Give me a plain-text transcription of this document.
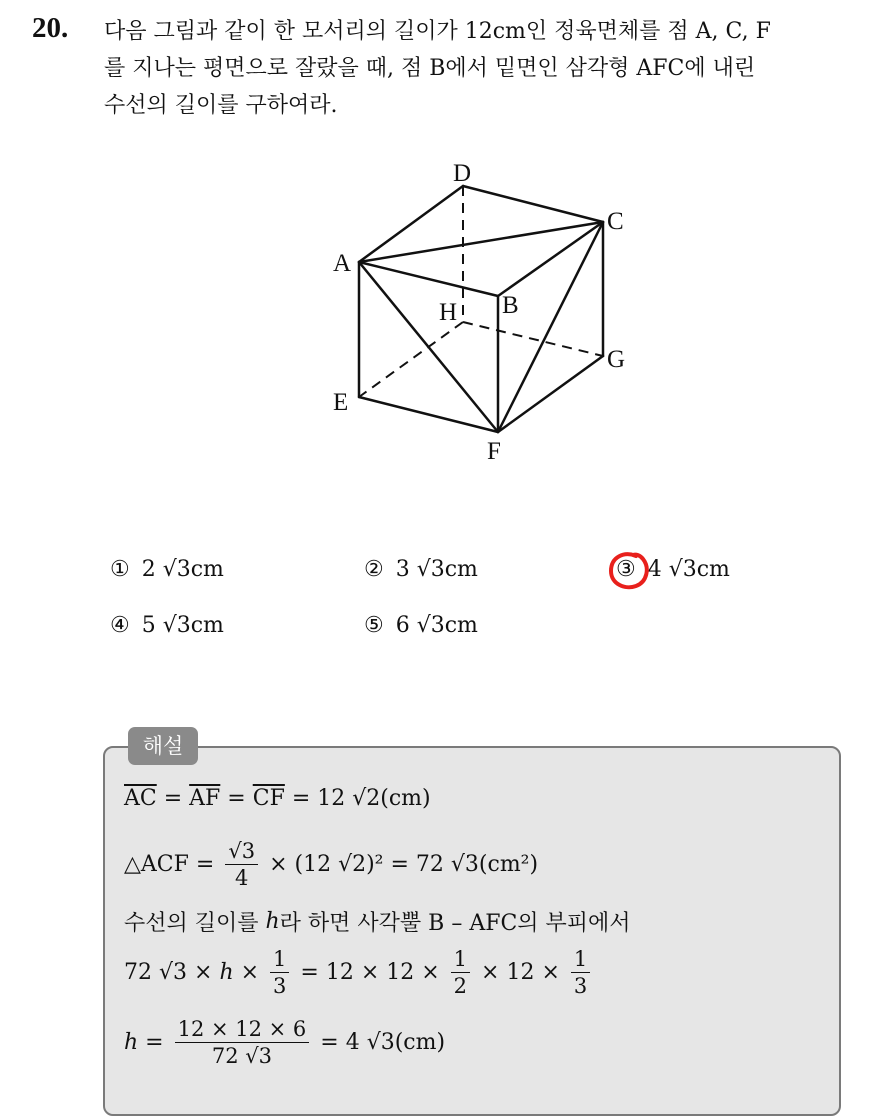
20. 다음 그림과 같이 한 모서리의 길이가 12cm인 정육면체를 점 A, C, F
를 지나는 평면으로 잘랐을 때, 점 B에서 밑면인 삼각형 AFC에 내린
수선의 길이를 구하여라.

D
C
A
B
H
G
E
F
① 2 √3cm	② 3 √3cm	③ 4 √3cm
④ 5 √3cm	⑤ 6 √3cm
해설
$\overline{AC} = \overline{AF} = \overline{CF} = 12$ √2(cm)
△ACF = $\frac{√3}{4} \times (12$ √2)² = 72 √3(cm²)
수선의 길이를 h 라 하면 사각뿔 B – AFC의 부피에서
72 $√3 \times h \times \frac{1}{3} = 12 \times 12 \times \frac{1}{2} \times 12 \times \frac{1}{3}$
$h = \frac{12 \times 12 \times 6}{72 √3} = 4$ √3(cm)
